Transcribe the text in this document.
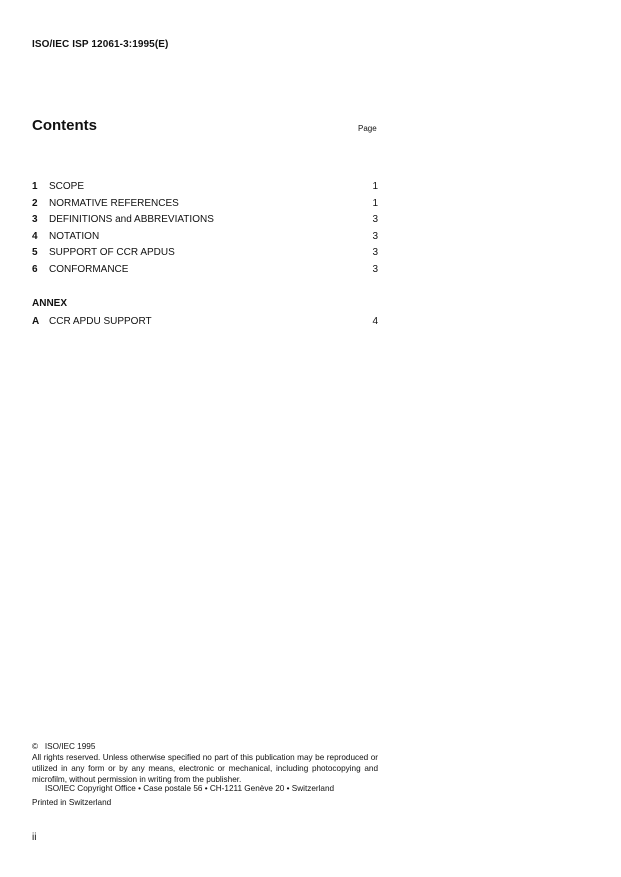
ISO/IEC ISP 12061-3:1995(E)
Contents	Page
1 SCOPE	1
2 NORMATIVE REFERENCES	1
3 DEFINITIONS and ABBREVIATIONS	3
4 NOTATION	3
5 SUPPORT OF CCR APDUS	3
6 CONFORMANCE	3
ANNEX
A CCR APDU SUPPORT	4
© ISO/IEC 1995
All rights reserved. Unless otherwise specified no part of this publication may be reproduced or utilized in any form or by any means, electronic or mechanical, including photocopying and microfilm, without permission in writing from the publisher.
ISO/IEC Copyright Office • Case postale 56 • CH-1211 Genève 20 • Switzerland
Printed in Switzerland
ii
